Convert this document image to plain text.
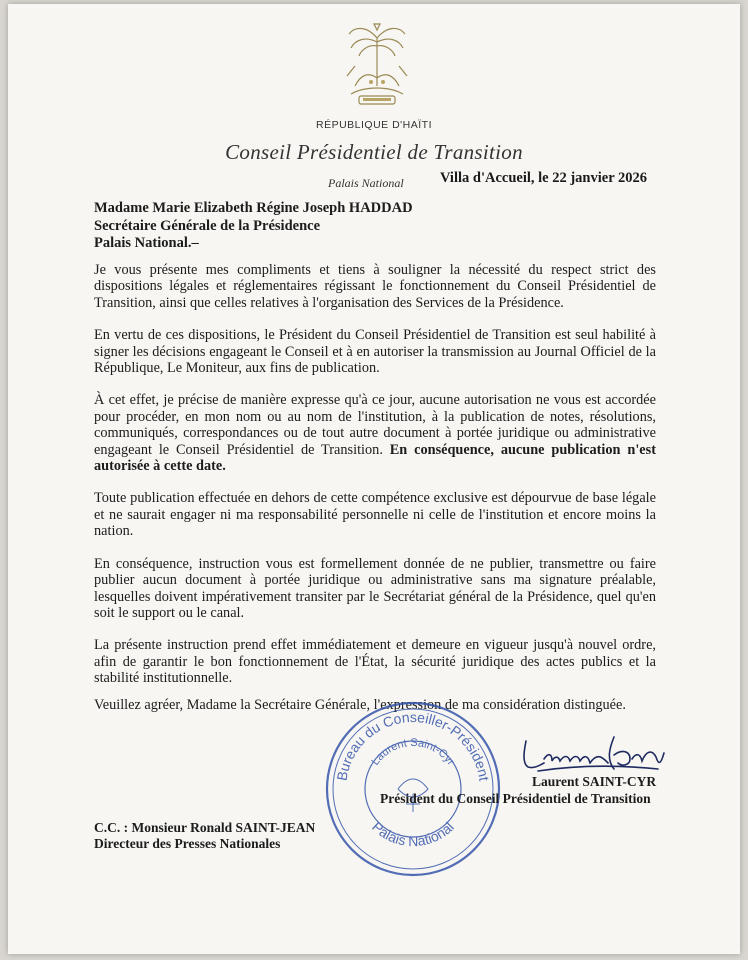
RÉPUBLIQUE D'HAÏTI
Conseil Présidentiel de Transition
Palais National	Villa d'Accueil, le 22 janvier 2026
Madame Marie Elizabeth Régine Joseph HADDAD
Secrétaire Générale de la Présidence
Palais National.–

Je vous présente mes compliments et tiens à souligner la nécessité du respect strict des dispositions légales et réglementaires régissant le fonctionnement du Conseil Présidentiel de Transition, ainsi que celles relatives à l'organisation des Services de la Présidence.

En vertu de ces dispositions, le Président du Conseil Présidentiel de Transition est seul habilité à signer les décisions engageant le Conseil et à en autoriser la transmission au Journal Officiel de la République, Le Moniteur, aux fins de publication.

À cet effet, je précise de manière expresse qu'à ce jour, aucune autorisation ne vous est accordée pour procéder, en mon nom ou au nom de l'institution, à la publication de notes, résolutions, communiqués, correspondances ou de tout autre document à portée juridique ou administrative engageant le Conseil Présidentiel de Transition. En conséquence, aucune publication n'est autorisée à cette date.

Toute publication effectuée en dehors de cette compétence exclusive est dépourvue de base légale et ne saurait engager ni ma responsabilité personnelle ni celle de l'institution et encore moins la nation.

En conséquence, instruction vous est formellement donnée de ne publier, transmettre ou faire publier aucun document à portée juridique ou administrative sans ma signature préalable, lesquelles doivent impérativement transiter par le Secrétariat général de la Présidence, quel qu'en soit le support ou le canal.

La présente instruction prend effet immédiatement et demeure en vigueur jusqu'à nouvel ordre, afin de garantir le bon fonctionnement de l'État, la sécurité juridique des actes publics et la stabilité institutionnelle.

Veuillez agréer, Madame la Secrétaire Générale, l'expression de ma considération distinguée.
Bureau du Conseiller-Président
Laurent Saint-Cyr
Palais National
Laurent SAINT-CYR
Président du Conseil Présidentiel de Transition
C.C. : Monsieur Ronald SAINT-JEAN
Directeur des Presses Nationales
